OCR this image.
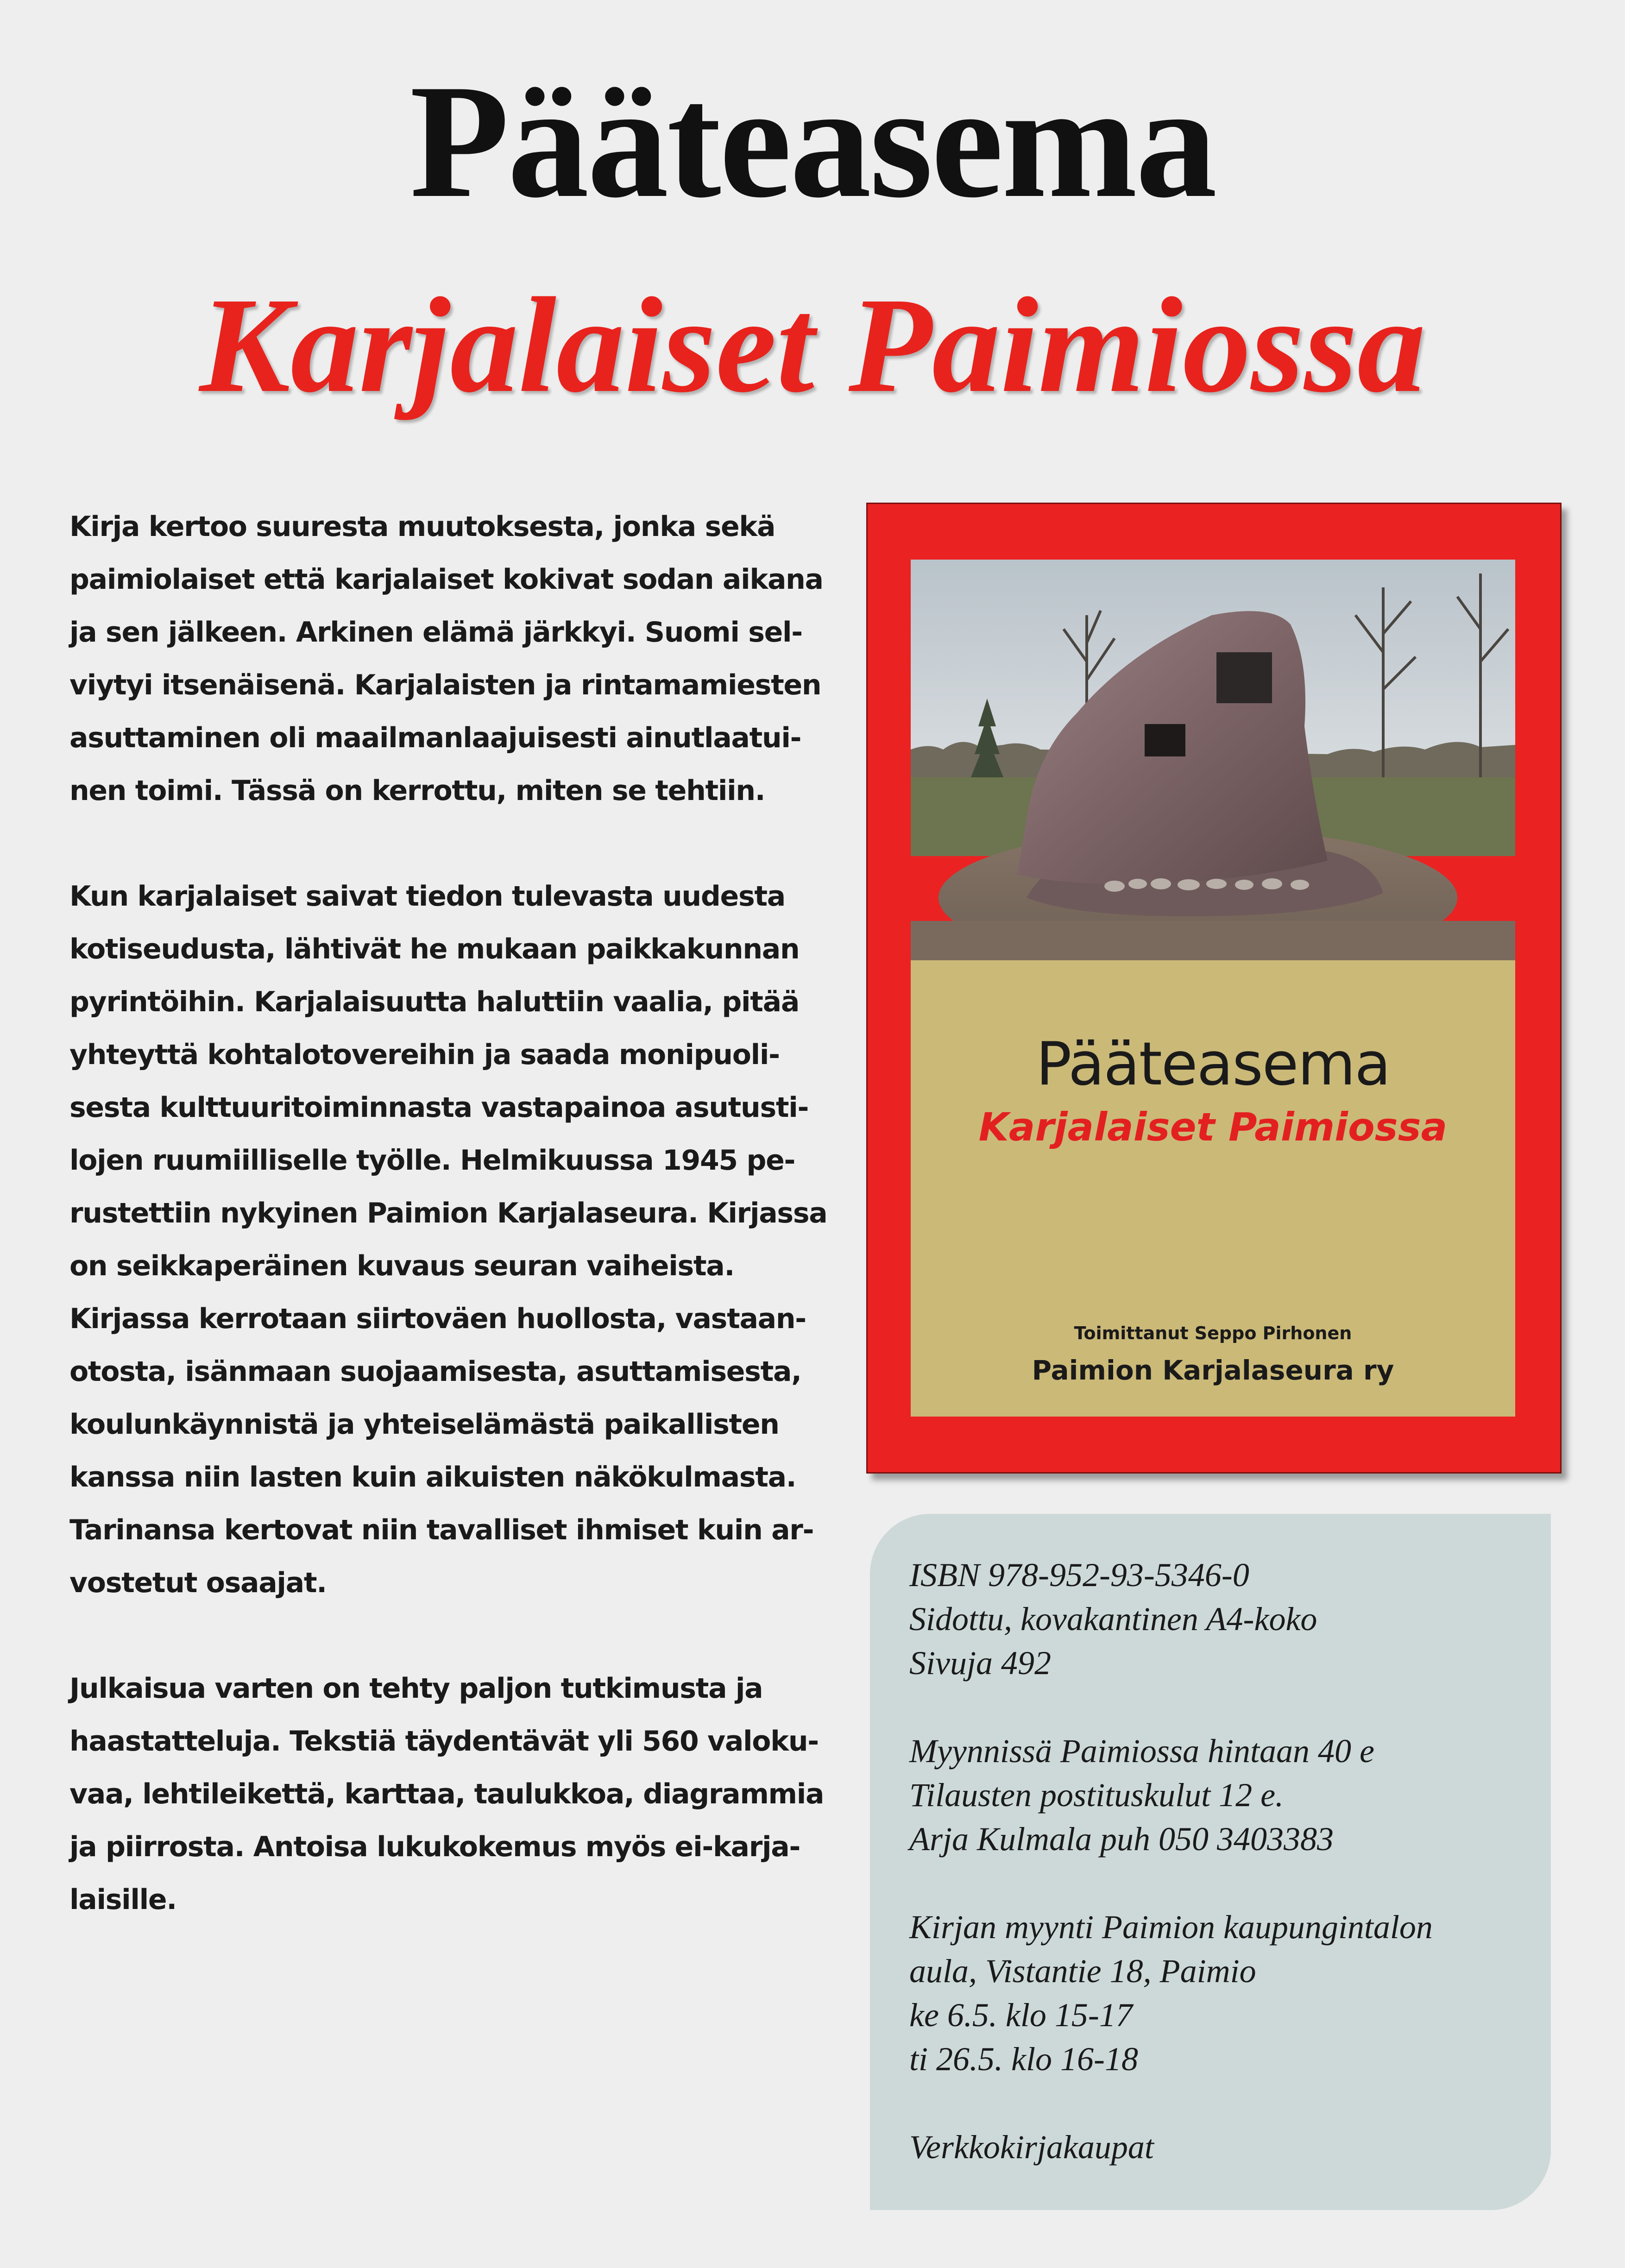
Pääteasema
Karjalaiset Paimiossa

Kirja kertoo suuresta muutoksesta, jonka sekä
paimiolaiset että karjalaiset kokivat sodan aikana
ja sen jälkeen. Arkinen elämä järkkyi. Suomi sel-
viytyi itsenäisenä. Karjalaisten ja rintamamiesten
asuttaminen oli maailmanlaajuisesti ainutlaatui-
nen toimi. Tässä on kerrottu, miten se tehtiin.

Kun karjalaiset saivat tiedon tulevasta uudesta
kotiseudusta, lähtivät he mukaan paikkakunnan
pyrintöihin. Karjalaisuutta haluttiin vaalia, pitää
yhteyttä kohtalotovereihin ja saada monipuoli-
sesta kulttuuritoiminnasta vastapainoa asutusti-
lojen ruumiilliselle työlle. Helmikuussa 1945 pe-
rustettiin nykyinen Paimion Karjalaseura. Kirjassa
on seikkaperäinen kuvaus seuran vaiheista.
Kirjassa kerrotaan siirtoväen huollosta, vastaan-
otosta, isänmaan suojaamisesta, asuttamisesta,
koulunkäynnistä ja yhteiselämästä paikallisten
kanssa niin lasten kuin aikuisten näkökulmasta.
Tarinansa kertovat niin tavalliset ihmiset kuin ar-
vostetut osaajat.

Julkaisua varten on tehty paljon tutkimusta ja
haastatteluja. Tekstiä täydentävät yli 560 valoku-
vaa, lehtileikettä, karttaa, taulukkoa, diagrammia
ja piirrosta. Antoisa lukukokemus myös ei-karja-
laisille.

Pääteasema
Karjalaiset Paimiossa
Toimittanut Seppo Pirhonen
Paimion Karjalaseura ry
ISBN 978-952-93-5346-0
Sidottu, kovakantinen A4-koko
Sivuja 492
Myynnissä Paimiossa hintaan 40 e
Tilausten postituskulut 12 e.
Arja Kulmala puh 050 3403383
Kirjan myynti Paimion kaupungintalon
aula, Vistantie 18, Paimio
ke 6.5. klo 15-17
ti 26.5. klo 16-18
Verkkokirjakaupat
